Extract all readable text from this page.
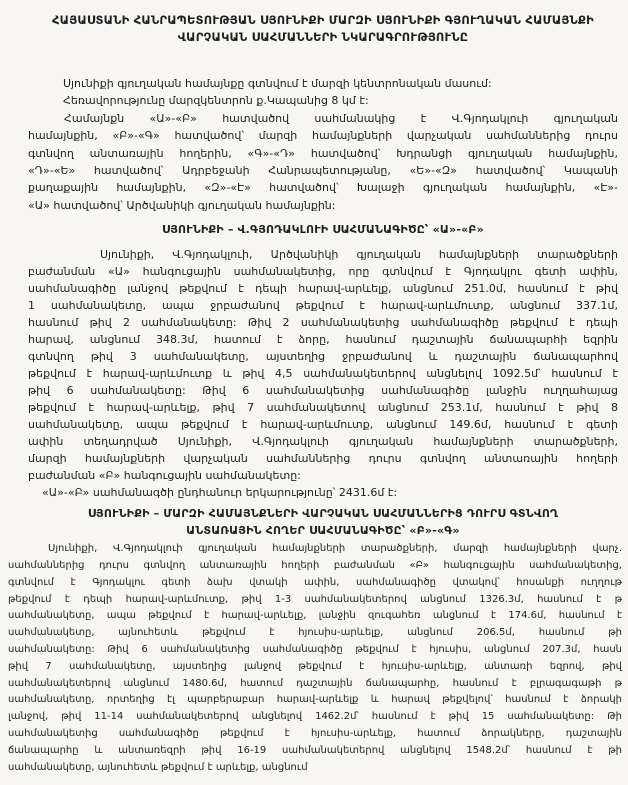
ՀԱՅԱՍՏԱՆԻ ՀԱՆՐԱՊԵՏՈՒԹՅԱՆ ՍՅՈՒՆԻՔԻ ՄԱՐԶԻ ՍՅՈՒՆԻՔԻ ԳՅՈՒՂԱԿԱՆ ՀԱՄԱՅՆՔԻ
ՎԱՐՉԱԿԱՆ ՍԱՀՄԱՆՆԵՐԻ ՆԿԱՐԱԳՐՈՒԹՅՈՒՆԸ

Սյունիքի գյուղական համայնքը գտնվում է մարզի կենտրոնական մասում:
Հեռավորությունը մարզկենտրոն ք.Կապանից 8 կմ է:

Համայնքն «Ա»-«Բ» հատվածով սահմանակից է Վ.Գյոդակլուի գյուղական
համայնքին, «Բ»-«Գ» հատվածով՝ մարզի համայնքների վարչական սահմաններից դուրս
գտնվող անտառային հողերին, «Գ»-«Դ» հատվածով՝ Խդրանցի գյուղական համայնքին,
«Դ»-«Ե» հատվածով՝ Ադրբեջանի Հանրապետությանը, «Ե»-«Զ» հատվածով՝ Կապանի
քաղաքային համայնքին, «Զ»-«Է» հատվածով՝ Խալաջի գյուղական համայնքին, «Է»-
«Ա» հատվածով՝ Արծվանիկի գյուղական համայնքին:

ՍՅՈՒՆԻՔԻ – Վ.ԳՅՈԴԱԿԼՈՒԻ ՍԱՀՄԱՆԱԳԻԾԸ՝ «Ա»-«Բ»

Սյունիքի, Վ.Գյոդակլուի, Արծվանիկի գյուղական համայնքների տարածքների
բաժանման «Ա» հանգուցային սահմանակետից, որը գտնվում է Գյոդակլու գետի ափին,
սահմանագիծը լանջով թեքվում է դեպի հարավ-արևելք, անցնում 251.0մ, հասնում է թիվ
1 սահմանակետը, ապա ջրբաժանով թեքվում է հարավ-արևմուտք, անցնում 337.1մ,
հասնում թիվ 2 սահմանակետը: Թիվ 2 սահմանակետից սահմանագիծը թեքվում է դեպի
հարավ, անցնում 348.3մ, հատում է ձորը, հասնում դաշտային ճանապարհի եզրին
գտնվող թիվ 3 սահմանակետը, այստեղից ջրբաժանով և դաշտային ճանապարհով
թեքվում է հարավ-արևմուտք և թիվ 4,5 սահմանակետերով անցնելով 1092.5մ՝ հասնում է
թիվ 6 սահմանակետը: Թիվ 6 սահմանակետից սահմանագիծը լանջին ուղղահայաց
թեքվում է հարավ-արևելք, թիվ 7 սահմանակետով անցնում 253.1մ, հասնում է թիվ 8
սահմանակետը, ապա թեքվում է հարավ-արևմուտք, անցնում 149.6մ, հասնում է գետի
ափին տեղադրված Սյունիքի, Վ.Գյոդակլուի գյուղական համայնքների տարածքների,
մարզի համայնքների վարչական սահմաններից դուրս գտնվող անտառային հողերի
բաժանման «Բ» հանգուցային սահմանակետը:

«Ա»-«Բ» սահմանագծի ընդհանուր երկարությունը՝ 2431.6մ է:

ՍՅՈՒՆԻՔԻ – ՄԱՐԶԻ ՀԱՄԱՅՆՔՆԵՐԻ ՎԱՐՉԱԿԱՆ ՍԱՀՄԱՆՆԵՐԻՑ ԴՈՒՐՍ ԳՏՆՎՈՂ
ԱՆՏԱՌԱՅԻՆ ՀՈՂԵՐ ՍԱՀՄԱՆԱԳԻԾԸ՝ «Բ»-«Գ»

Սյունիքի, Վ.Գյոդակլուի գյուղական համայնքների տարածքների, մարզի համայնքների վարչ.
սահմաններից դուրս գտնվող անտառային հողերի բաժանման «Բ» հանգուցային սահմանակետից,
գտնվում է Գյոդակլու գետի ձախ վտակի ափին, սահմանագիծը վտակով՝ հոսանքի ուղղութ
թեքվում է դեպի հարավ-արևմուտք, թիվ 1-3 սահմանակետերով անցնում 1326.3մ, հասնում է թ
սահմանակետը, ապա թեքվում է հարավ-արևելք, լանջին զուգահեռ անցնում է 174.6մ, հասնում է
սահմանակետը, այնուհետև թեքվում է հյուսիս-արևելք, անցնում 206.5մ, հասնում թի
սահմանակետը: Թիվ 6 սահմանակետից սահմանագիծը թեքվում է հյուսիս, անցնում 207.3մ, հասն
թիվ 7 սահմանակետը, այստեղից լանջով թեքվում է հյուսիս-արևելք, անտառի եզրով, թիվ
սահմանակետերով անցնում 1480.6մ, հատում դաշտային ճանապարհը, հասնում է բլրագագաթի թ
սահմանակետը, որտեղից էլ պարբերաբար հարավ-արևելք և հարավ թեքվելով՝ հասնում է ձորակի
լանջով, թիվ 11-14 սահմանակետերով անցնելով 1462.2մ՝ հասնում է թիվ 15 սահմանակետը: Թի
սահմանակետից սահմանագիծը թեքվում է հյուսիս-արևելք, հատում ձորակները, դաշտային
ճանապարհը և անտառեզրի թիվ 16-19 սահմանակետերով անցնելով 1548.2մ՝ հասնում է թի
սահմանակետը, այնուհետև թեքվում է արևելք, անցնում
